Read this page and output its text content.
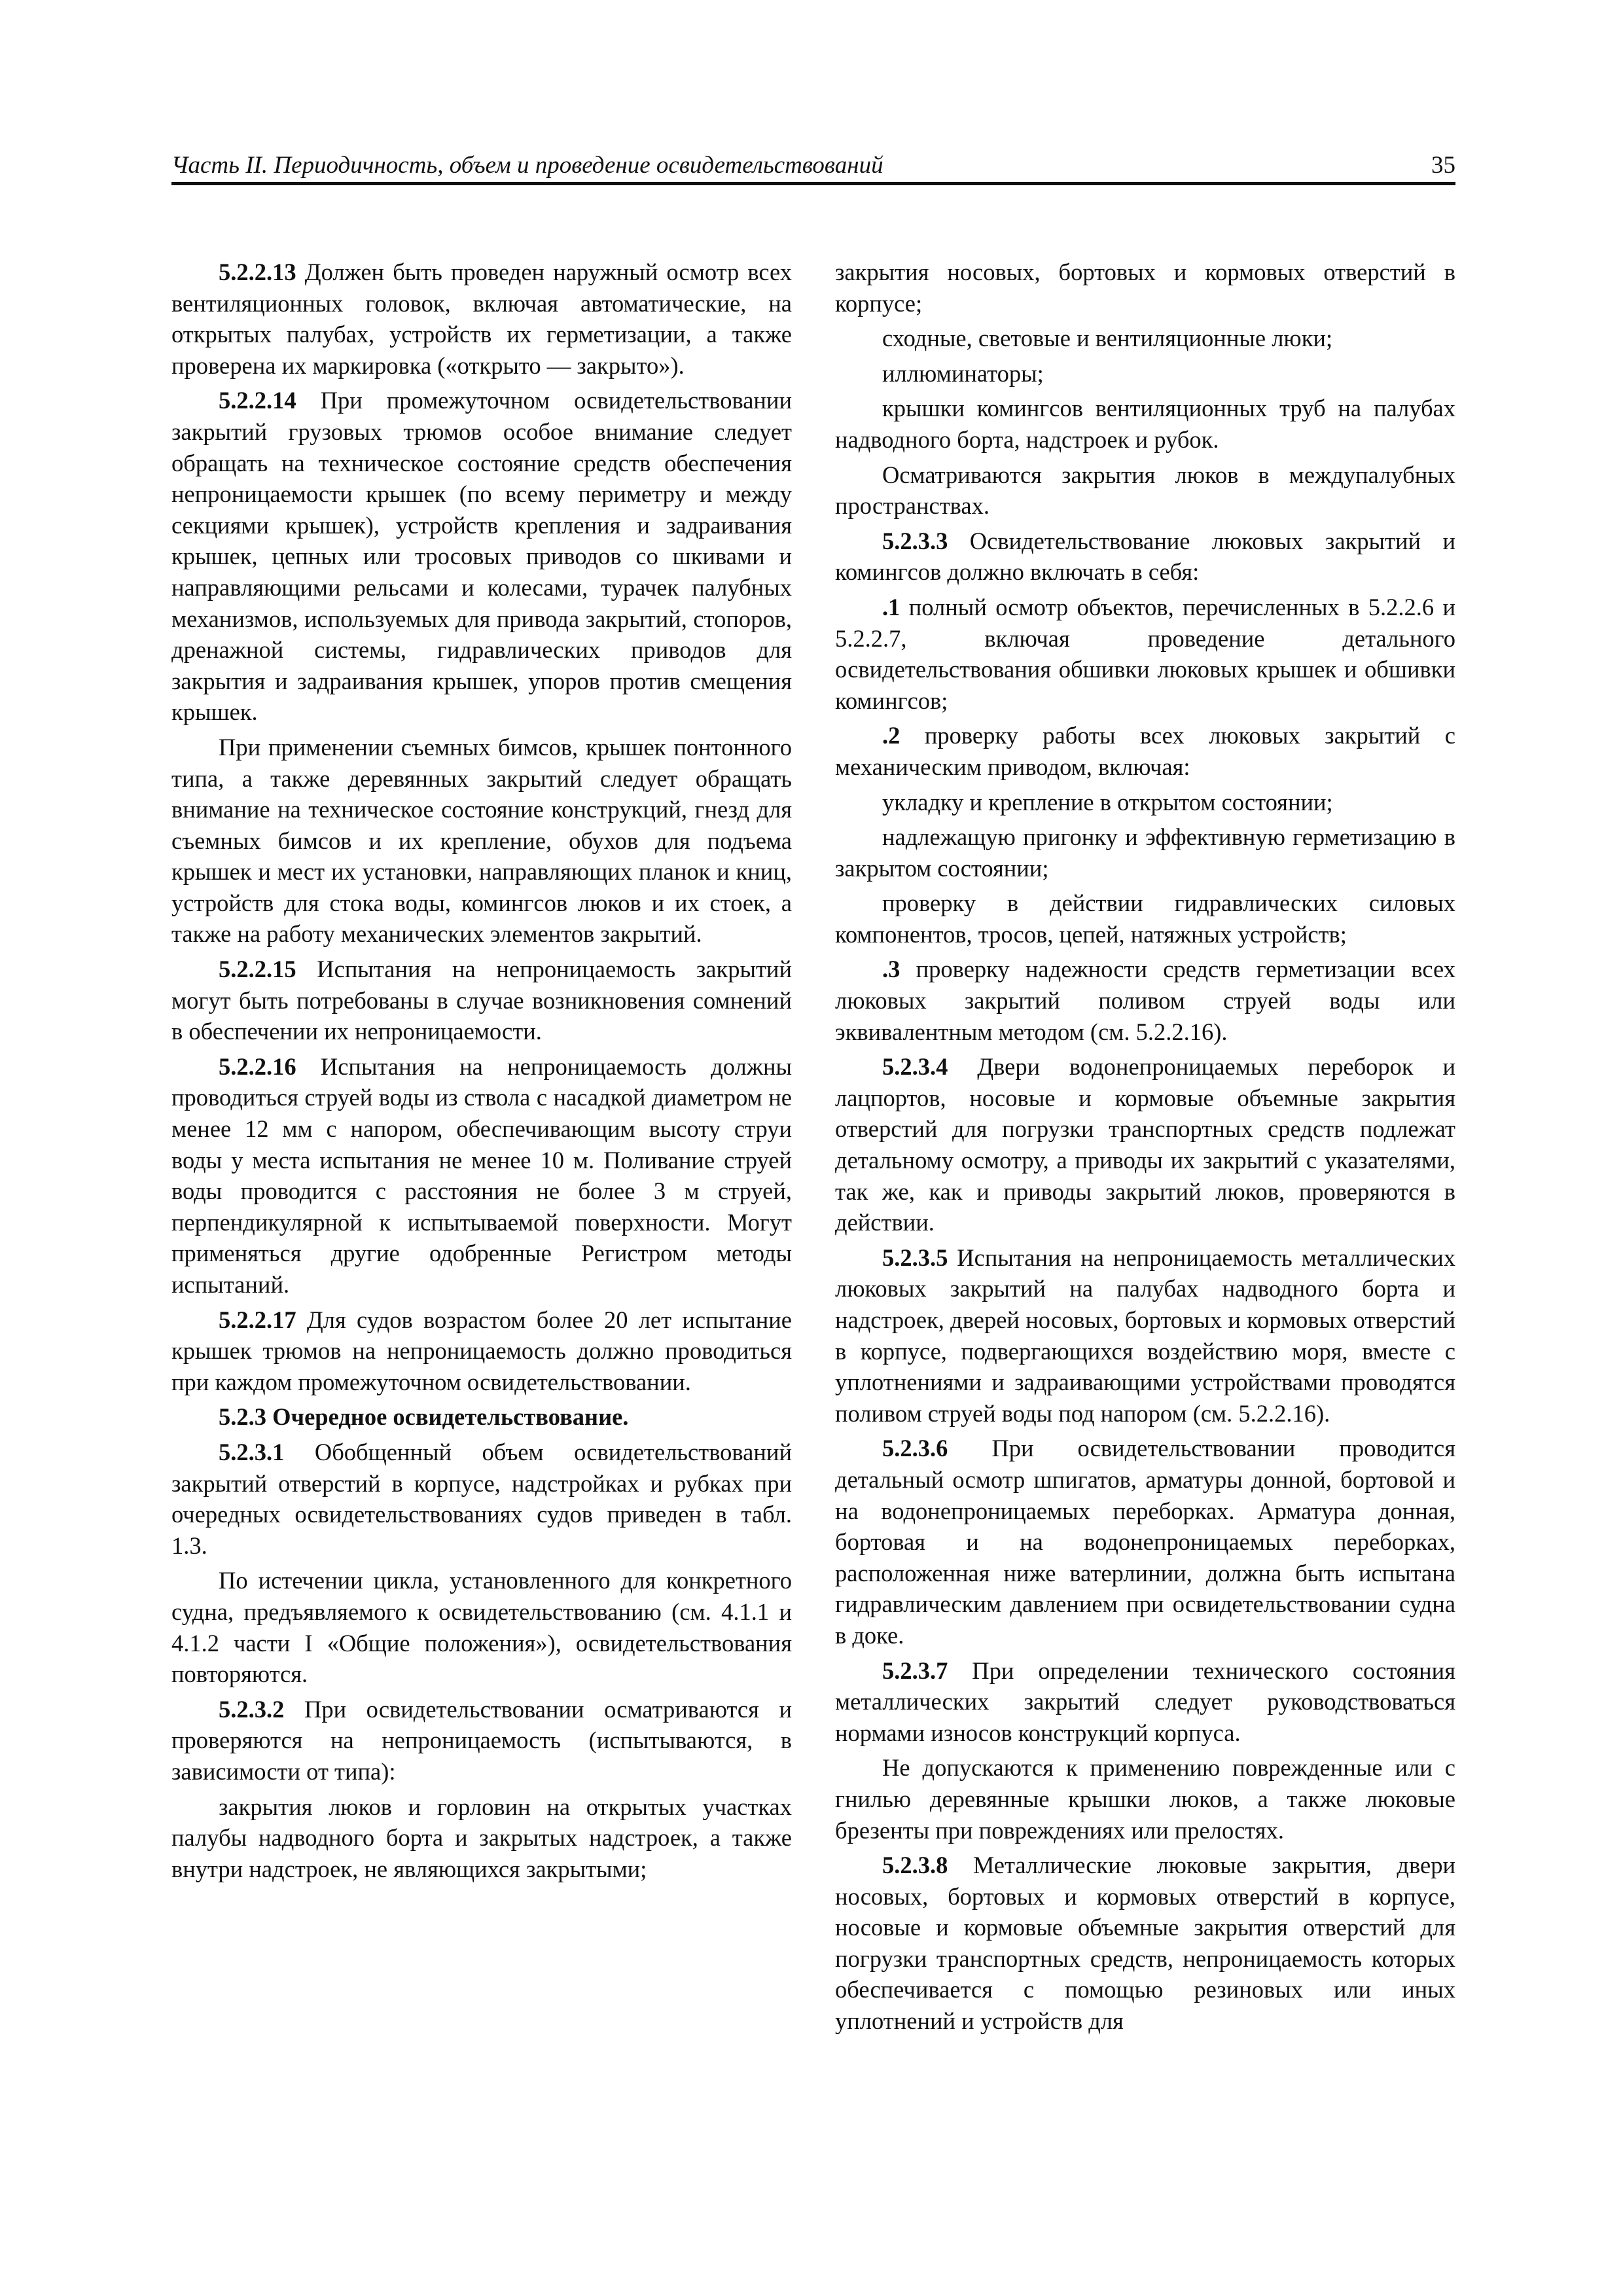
Часть II. Периодичность, объем и проведение освидетельствований	35

5.2.2.13 Должен быть проведен наружный осмотр всех вентиляционных головок, включая автоматические, на открытых палубах, устройств их герметизации, а также проверена их маркировка («открыто — закрыто»).

5.2.2.14 При промежуточном освидетельствовании закрытий грузовых трюмов особое внимание следует обращать на техническое состояние средств обеспечения непроницаемости крышек (по всему периметру и между секциями крышек), устройств крепления и задраивания крышек, цепных или тросовых приводов со шкивами и направляющими рельсами и колесами, турачек палубных механизмов, используемых для привода закрытий, стопоров, дренажной системы, гидравлических приводов для закрытия и задраивания крышек, упоров против смещения крышек.

При применении съемных бимсов, крышек понтонного типа, а также деревянных закрытий следует обращать внимание на техническое состояние конструкций, гнезд для съемных бимсов и их крепление, обухов для подъема крышек и мест их установки, направляющих планок и книц, устройств для стока воды, комингсов люков и их стоек, а также на работу механических элементов закрытий.

5.2.2.15 Испытания на непроницаемость закрытий могут быть потребованы в случае возникновения сомнений в обеспечении их непроницаемости.

5.2.2.16 Испытания на непроницаемость должны проводиться струей воды из ствола с насадкой диаметром не менее 12 мм с напором, обеспечивающим высоту струи воды у места испытания не менее 10 м. Поливание струей воды проводится с расстояния не более 3 м струей, перпендикулярной к испытываемой поверхности. Могут применяться другие одобренные Регистром методы испытаний.

5.2.2.17 Для судов возрастом более 20 лет испытание крышек трюмов на непроницаемость должно проводиться при каждом промежуточном освидетельствовании.

5.2.3 Очередное освидетельствование.

5.2.3.1 Обобщенный объем освидетельствований закрытий отверстий в корпусе, надстройках и рубках при очередных освидетельствованиях судов приведен в табл. 1.3.

По истечении цикла, установленного для конкретного судна, предъявляемого к освидетельствованию (см. 4.1.1 и 4.1.2 части I «Общие положения»), освидетельствования повторяются.

5.2.3.2 При освидетельствовании осматриваются и проверяются на непроницаемость (испытываются, в зависимости от типа):

закрытия люков и горловин на открытых участках палубы надводного борта и закрытых надстроек, а также внутри надстроек, не являющихся закрытыми;

закрытия носовых, бортовых и кормовых отверстий в корпусе;

сходные, световые и вентиляционные люки;

иллюминаторы;

крышки комингсов вентиляционных труб на палубах надводного борта, надстроек и рубок.

Осматриваются закрытия люков в междупалубных пространствах.

5.2.3.3 Освидетельствование люковых закрытий и комингсов должно включать в себя:

.1 полный осмотр объектов, перечисленных в 5.2.2.6 и 5.2.2.7, включая проведение детального освидетельствования обшивки люковых крышек и обшивки комингсов;

.2 проверку работы всех люковых закрытий с механическим приводом, включая:

укладку и крепление в открытом состоянии;

надлежащую пригонку и эффективную герметизацию в закрытом состоянии;

проверку в действии гидравлических силовых компонентов, тросов, цепей, натяжных устройств;

.3 проверку надежности средств герметизации всех люковых закрытий поливом струей воды или эквивалентным методом (см. 5.2.2.16).

5.2.3.4 Двери водонепроницаемых переборок и лацпортов, носовые и кормовые объемные закрытия отверстий для погрузки транспортных средств подлежат детальному осмотру, а приводы их закрытий с указателями, так же, как и приводы закрытий люков, проверяются в действии.

5.2.3.5 Испытания на непроницаемость металлических люковых закрытий на палубах надводного борта и надстроек, дверей носовых, бортовых и кормовых отверстий в корпусе, подвергающихся воздействию моря, вместе с уплотнениями и задраивающими устройствами проводятся поливом струей воды под напором (см. 5.2.2.16).

5.2.3.6 При освидетельствовании проводится детальный осмотр шпигатов, арматуры донной, бортовой и на водонепроницаемых переборках. Арматура донная, бортовая и на водонепроницаемых переборках, расположенная ниже ватерлинии, должна быть испытана гидравлическим давлением при освидетельствовании судна в доке.

5.2.3.7 При определении технического состояния металлических закрытий следует руководствоваться нормами износов конструкций корпуса.

Не допускаются к применению поврежденные или с гнилью деревянные крышки люков, а также люковые брезенты при повреждениях или прелостях.

5.2.3.8 Металлические люковые закрытия, двери носовых, бортовых и кормовых отверстий в корпусе, носовые и кормовые объемные закрытия отверстий для погрузки транспортных средств, непроницаемость которых обеспечивается с помощью резиновых или иных уплотнений и устройств для
